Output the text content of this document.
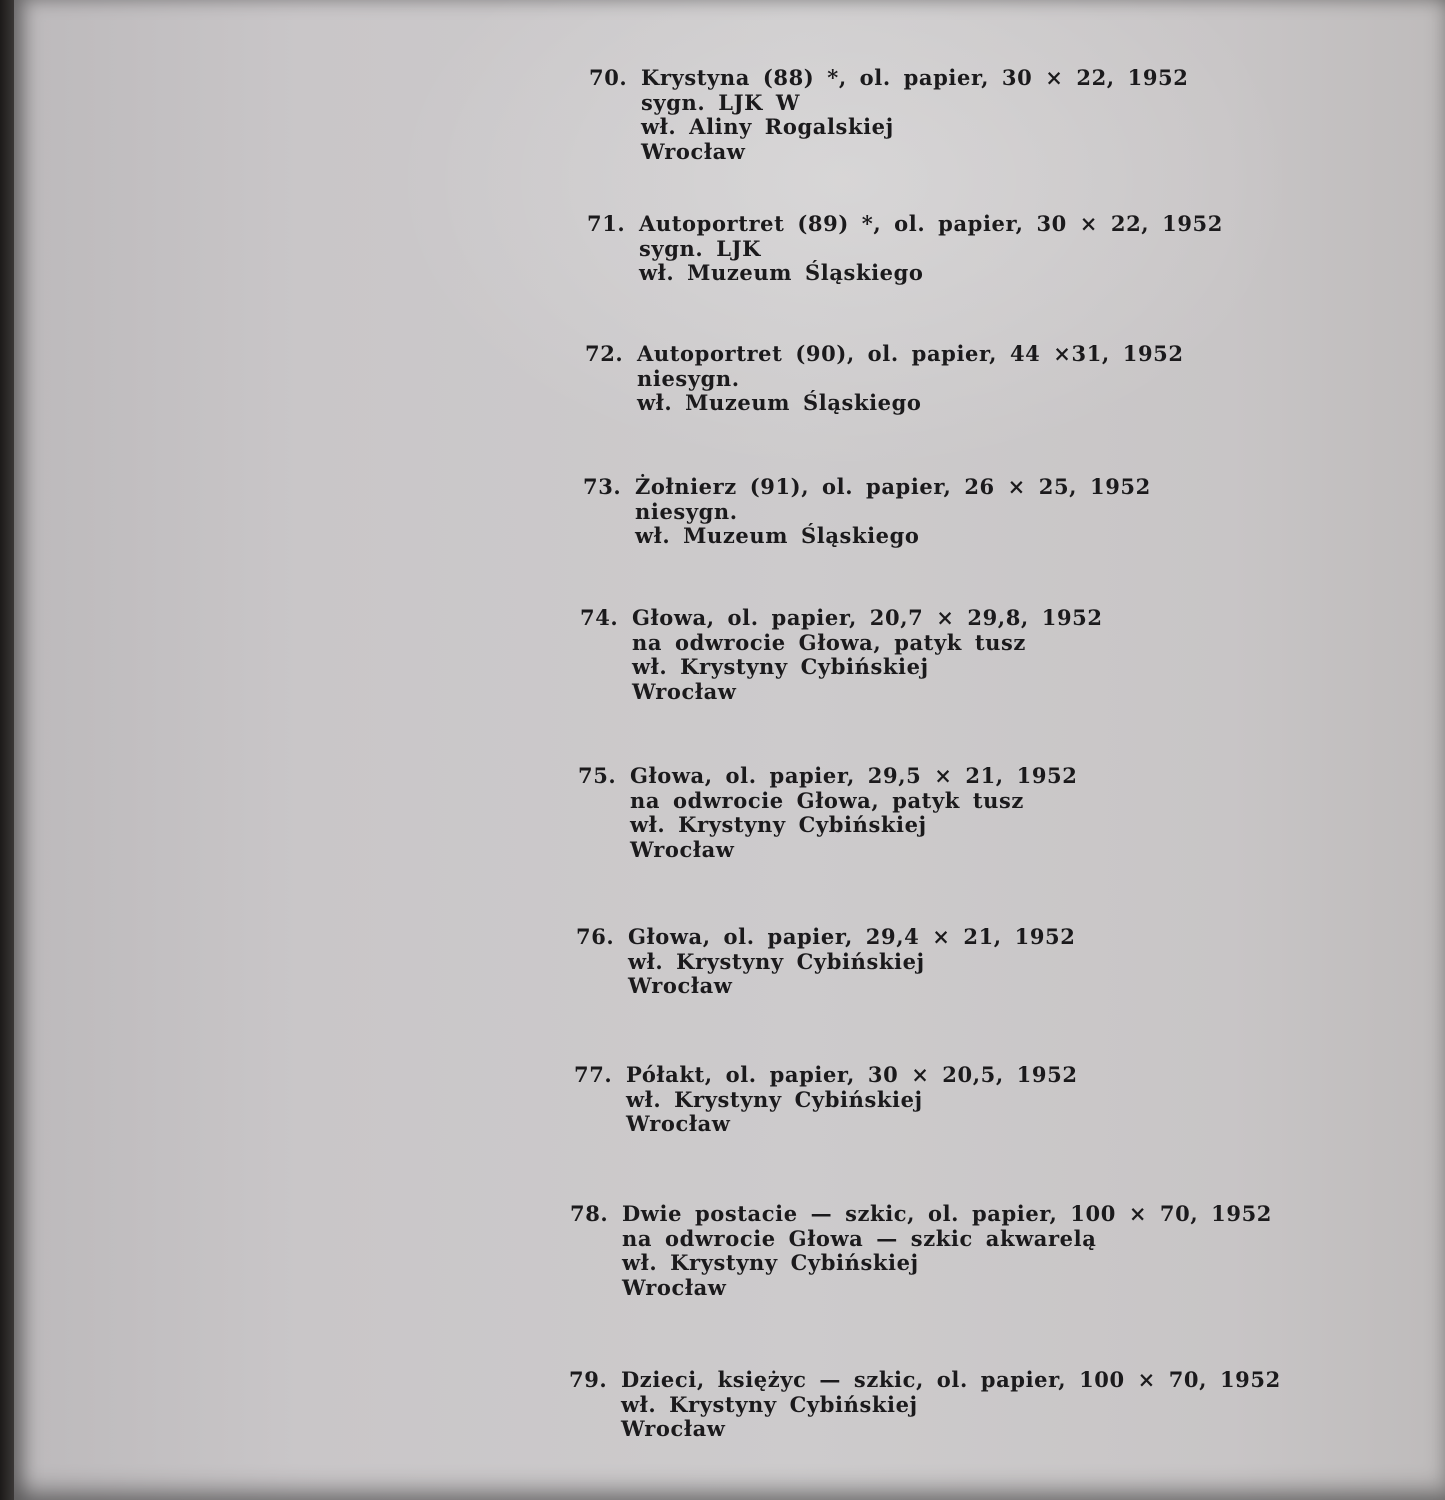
70. Krystyna (88) *, ol. papier, 30 × 22, 1952
sygn. LJK W
wł. Aliny Rogalskiej
Wrocław
71. Autoportret (89) *, ol. papier, 30 × 22, 1952
sygn. LJK
wł. Muzeum Śląskiego
72. Autoportret (90), ol. papier, 44 ×31, 1952
niesygn.
wł. Muzeum Śląskiego
73. Żołnierz (91), ol. papier, 26 × 25, 1952
niesygn.
wł. Muzeum Śląskiego
74. Głowa, ol. papier, 20,7 × 29,8, 1952
na odwrocie Głowa, patyk tusz
wł. Krystyny Cybińskiej
Wrocław
75. Głowa, ol. papier, 29,5 × 21, 1952
na odwrocie Głowa, patyk tusz
wł. Krystyny Cybińskiej
Wrocław
76. Głowa, ol. papier, 29,4 × 21, 1952
wł. Krystyny Cybińskiej
Wrocław
77. Półakt, ol. papier, 30 × 20,5, 1952
wł. Krystyny Cybińskiej
Wrocław
78. Dwie postacie — szkic, ol. papier, 100 × 70, 1952
na odwrocie Głowa — szkic akwarelą
wł. Krystyny Cybińskiej
Wrocław
79. Dzieci, księżyc — szkic, ol. papier, 100 × 70, 1952
wł. Krystyny Cybińskiej
Wrocław
